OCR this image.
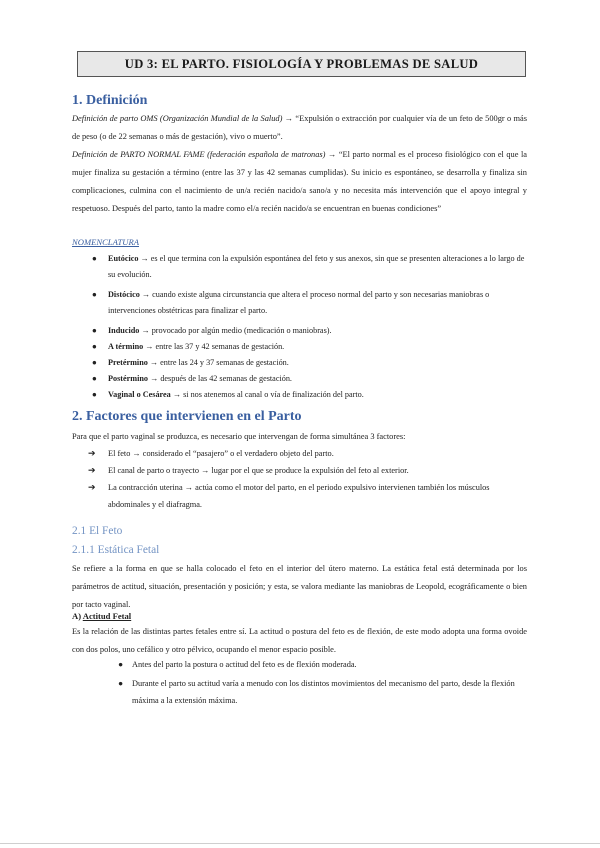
UD 3: EL PARTO. FISIOLOGÍA Y PROBLEMAS DE SALUD
1. Definición

Definición de parto OMS (Organización Mundial de la Salud) → “Expulsión o extracción por cualquier vía de un feto de 500gr o más de peso (o de 22 semanas o más de gestación), vivo o muerto”.

Definición de PARTO NORMAL FAME (federación española de matronas) → “El parto normal es el proceso fisiológico con el que la mujer finaliza su gestación a término (entre las 37 y las 42 semanas cumplidas). Su inicio es espontáneo, se desarrolla y finaliza sin complicaciones, culmina con el nacimiento de un/a recién nacido/a sano/a y no necesita más intervención que el apoyo integral y respetuoso. Después del parto, tanto la madre como el/a recién nacido/a se encuentran en buenas condiciones”

NOMENCLATURA

● Eutócico → es el que termina con la expulsión espontánea del feto y sus anexos, sin que se presenten alteraciones a lo largo de su evolución.
● Distócico → cuando existe alguna circunstancia que altera el proceso normal del parto y son necesarias maniobras o intervenciones obstétricas para finalizar el parto.
● Inducido → provocado por algún medio (medicación o maniobras).
● A término → entre las 37 y 42 semanas de gestación.
● Pretérmino → entre las 24 y 37 semanas de gestación.
● Postérmino → después de las 42 semanas de gestación.
● Vaginal o Cesárea → si nos atenemos al canal o vía de finalización del parto.
2. Factores que intervienen en el Parto

Para que el parto vaginal se produzca, es necesario que intervengan de forma simultánea 3 factores:

➔ El feto → considerado el “pasajero” o el verdadero objeto del parto.
➔ El canal de parto o trayecto → lugar por el que se produce la expulsión del feto al exterior.
➔ La contracción uterina → actúa como el motor del parto, en el periodo expulsivo intervienen también los músculos abdominales y el diafragma.
2.1 El Feto
2.1.1 Estática Fetal

Se refiere a la forma en que se halla colocado el feto en el interior del útero materno. La estática fetal está determinada por los parámetros de actitud, situación, presentación y posición; y esta, se valora mediante las maniobras de Leopold, ecográficamente o bien por tacto vaginal.

A) Actitud Fetal

Es la relación de las distintas partes fetales entre sí. La actitud o postura del feto es de flexión, de este modo adopta una forma ovoide con dos polos, uno cefálico y otro pélvico, ocupando el menor espacio posible.

● Antes del parto la postura o actitud del feto es de flexión moderada.
● Durante el parto su actitud varía a menudo con los distintos movimientos del mecanismo del parto, desde la flexión máxima a la extensión máxima.
